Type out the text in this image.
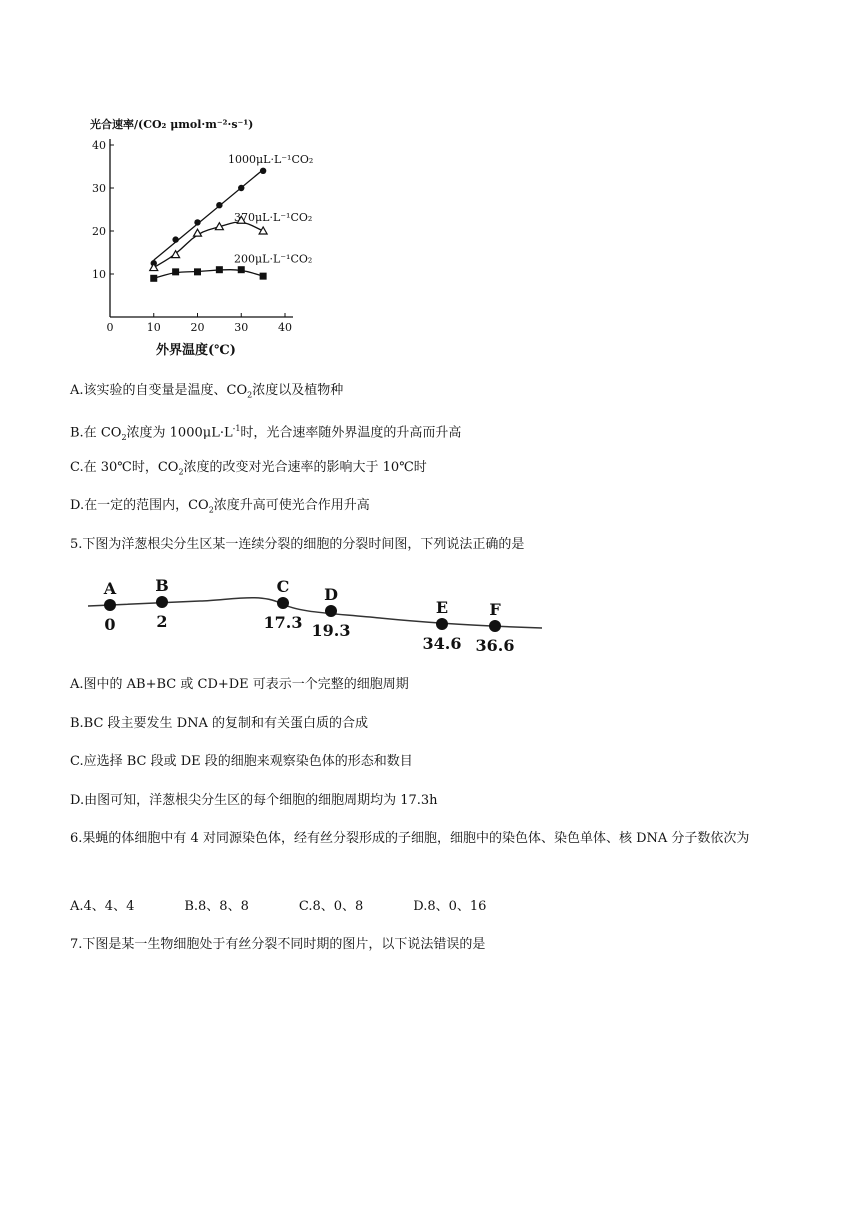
光合速率/(CO₂ μmol·m⁻²·s⁻¹)
0	10	20	30	40
10
20
30
40
1000μL·L⁻¹CO₂
370μL·L⁻¹CO₂
200μL·L⁻¹CO₂
外界温度(℃)
A.该实验的自变量是温度、$CO_2$浓度以及植物种
B.在 $CO_2$浓度为 $1000\mu L\cdot L^{-1}$时，光合速率随外界温度的升高而升高
C.在 30℃时，$CO_2$浓度的改变对光合速率的影响大于 10℃时
D.在一定的范围内，$CO_2$浓度升高可使光合作用升高
5.下图为洋葱根尖分生区某一连续分裂的细胞的分裂时间图，下列说法正确的是
A
0
B
2
C
17.3
D
19.3
E
34.6
F
36.6
A.图中的 AB+BC 或 CD+DE 可表示一个完整的细胞周期
B.BC 段主要发生 DNA 的复制和有关蛋白质的合成
C.应选择 BC 段或 DE 段的细胞来观察染色体的形态和数目
D.由图可知，洋葱根尖分生区的每个细胞的细胞周期均为 17.3h
6.果蝇的体细胞中有 4 对同源染色体，经有丝分裂形成的子细胞，细胞中的染色体、染色单体、核 DNA 分子数依次为
A.4、4、4	B.8、8、8	C.8、0、8	D.8、0、16
7.下图是某一生物细胞处于有丝分裂不同时期的图片，以下说法错误的是
